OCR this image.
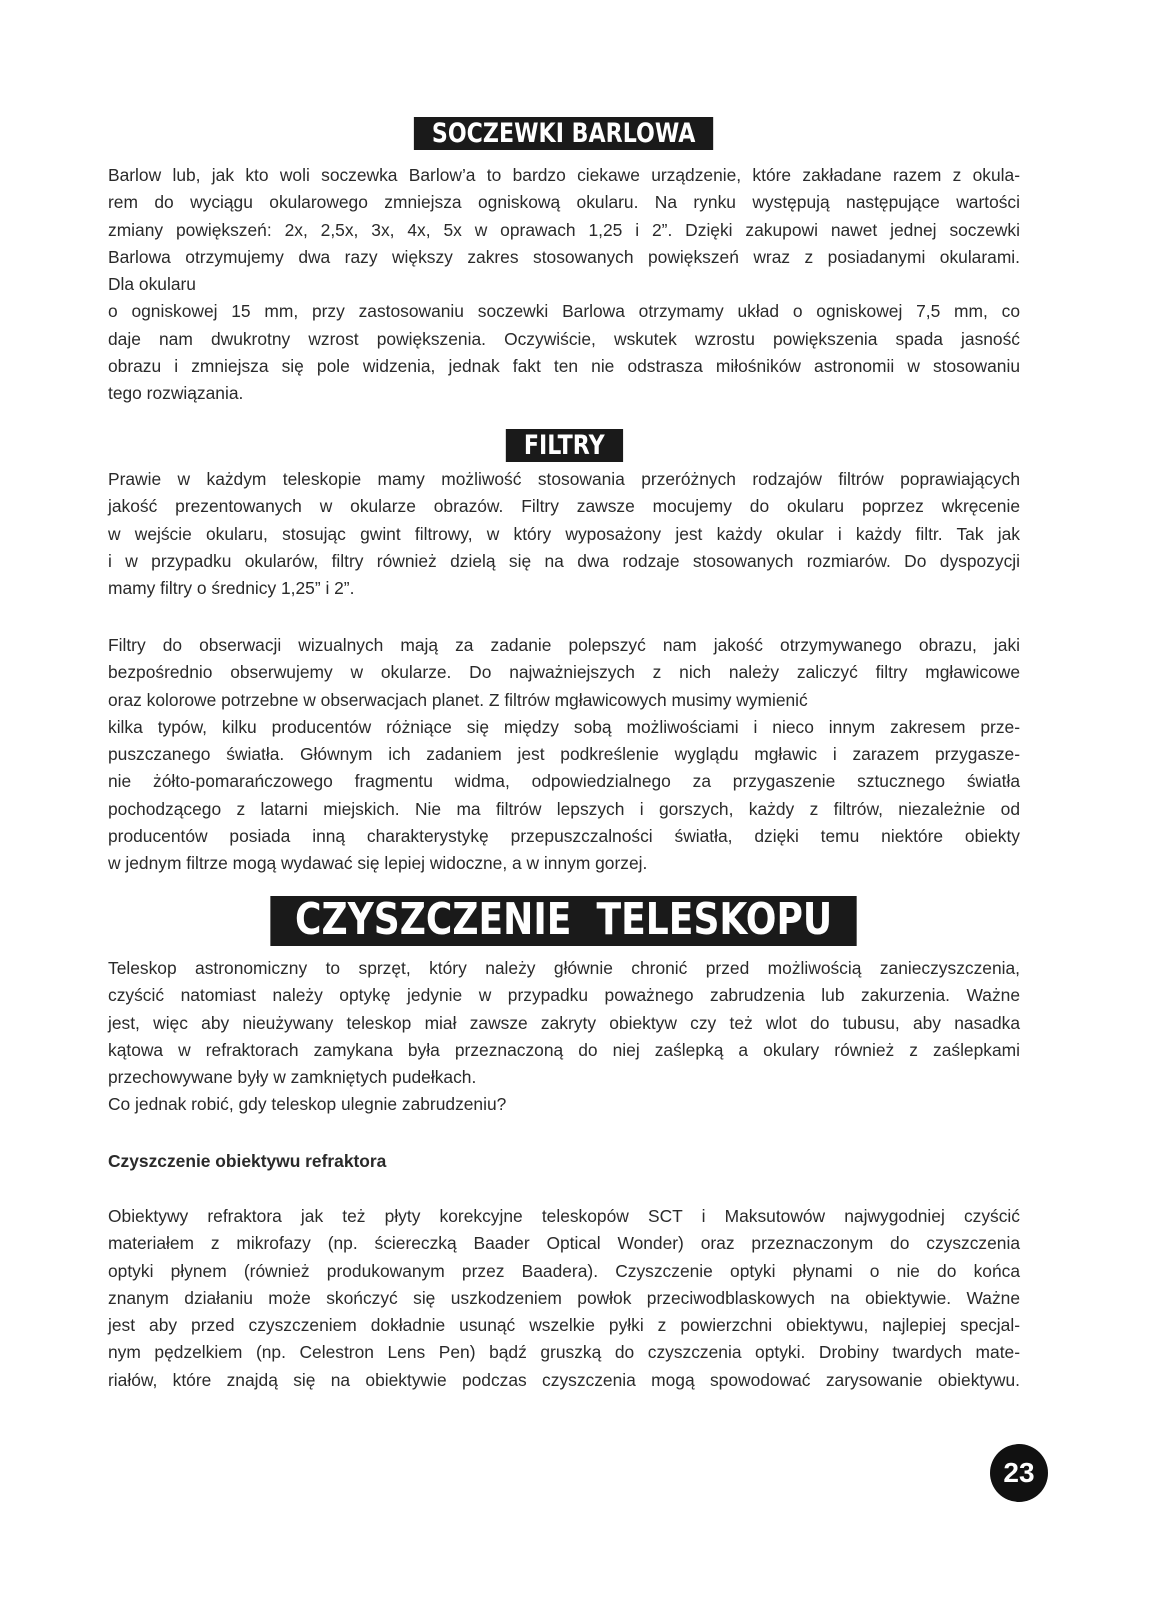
SOCZEWKI BARLOWA
Barlow lub, jak kto woli soczewka Barlow’a to bardzo ciekawe urządzenie, które zakładane razem z okula-
rem do wyciągu okularowego zmniejsza ogniskową okularu. Na rynku występują następujące wartości
zmiany powiększeń: 2x, 2,5x, 3x, 4x, 5x w oprawach 1,25 i 2”. Dzięki zakupowi nawet jednej soczewki
Barlowa otrzymujemy dwa razy większy zakres stosowanych powiększeń wraz z posiadanymi okularami.
Dla okularu
o ogniskowej 15 mm, przy zastosowaniu soczewki Barlowa otrzymamy układ o ogniskowej 7,5 mm, co
daje nam dwukrotny wzrost powiększenia. Oczywiście, wskutek wzrostu powiększenia spada jasność
obrazu i zmniejsza się pole widzenia, jednak fakt ten nie odstrasza miłośników astronomii w stosowaniu
tego rozwiązania.
FILTRY
Prawie w każdym teleskopie mamy możliwość stosowania przeróżnych rodzajów filtrów poprawiających
jakość prezentowanych w okularze obrazów. Filtry zawsze mocujemy do okularu poprzez wkręcenie
w wejście okularu, stosując gwint filtrowy, w który wyposażony jest każdy okular i każdy filtr. Tak jak
i w przypadku okularów, filtry również dzielą się na dwa rodzaje stosowanych rozmiarów. Do dyspozycji
mamy filtry o średnicy 1,25” i 2”.
Filtry do obserwacji wizualnych mają za zadanie polepszyć nam jakość otrzymywanego obrazu, jaki
bezpośrednio obserwujemy w okularze. Do najważniejszych z nich należy zaliczyć filtry mgławicowe
oraz kolorowe potrzebne w obserwacjach planet. Z filtrów mgławicowych musimy wymienić
kilka typów, kilku producentów różniące się między sobą możliwościami i nieco innym zakresem prze-
puszczanego światła. Głównym ich zadaniem jest podkreślenie wyglądu mgławic i zarazem przygasze-
nie żółto-pomarańczowego fragmentu widma, odpowiedzialnego za przygaszenie sztucznego światła
pochodzącego z latarni miejskich. Nie ma filtrów lepszych i gorszych, każdy z filtrów, niezależnie od
producentów posiada inną charakterystykę przepuszczalności światła, dzięki temu niektóre obiekty
w jednym filtrze mogą wydawać się lepiej widoczne, a w innym gorzej.
CZYSZCZENIE  TELESKOPU
Teleskop astronomiczny to sprzęt, który należy głównie chronić przed możliwością zanieczyszczenia,
czyścić natomiast należy optykę jedynie w przypadku poważnego zabrudzenia lub zakurzenia. Ważne
jest, więc aby nieużywany teleskop miał zawsze zakryty obiektyw czy też wlot do tubusu, aby nasadka
kątowa w refraktorach zamykana była przeznaczoną do niej zaślepką a okulary również z zaślepkami
przechowywane były w zamkniętych pudełkach.
Co jednak robić, gdy teleskop ulegnie zabrudzeniu?
Czyszczenie obiektywu refraktora
Obiektywy refraktora jak też płyty korekcyjne teleskopów SCT i Maksutowów najwygodniej czyścić
materiałem z mikrofazy (np. ściereczką Baader Optical Wonder) oraz przeznaczonym do czyszczenia
optyki płynem (również produkowanym przez Baadera). Czyszczenie optyki płynami o nie do końca
znanym działaniu może skończyć się uszkodzeniem powłok przeciwodblaskowych na obiektywie. Ważne
jest aby przed czyszczeniem dokładnie usunąć wszelkie pyłki z powierzchni obiektywu, najlepiej specjal-
nym pędzelkiem (np. Celestron Lens Pen) bądź gruszką do czyszczenia optyki. Drobiny twardych mate-
riałów, które znajdą się na obiektywie podczas czyszczenia mogą spowodować zarysowanie obiektywu.
23
